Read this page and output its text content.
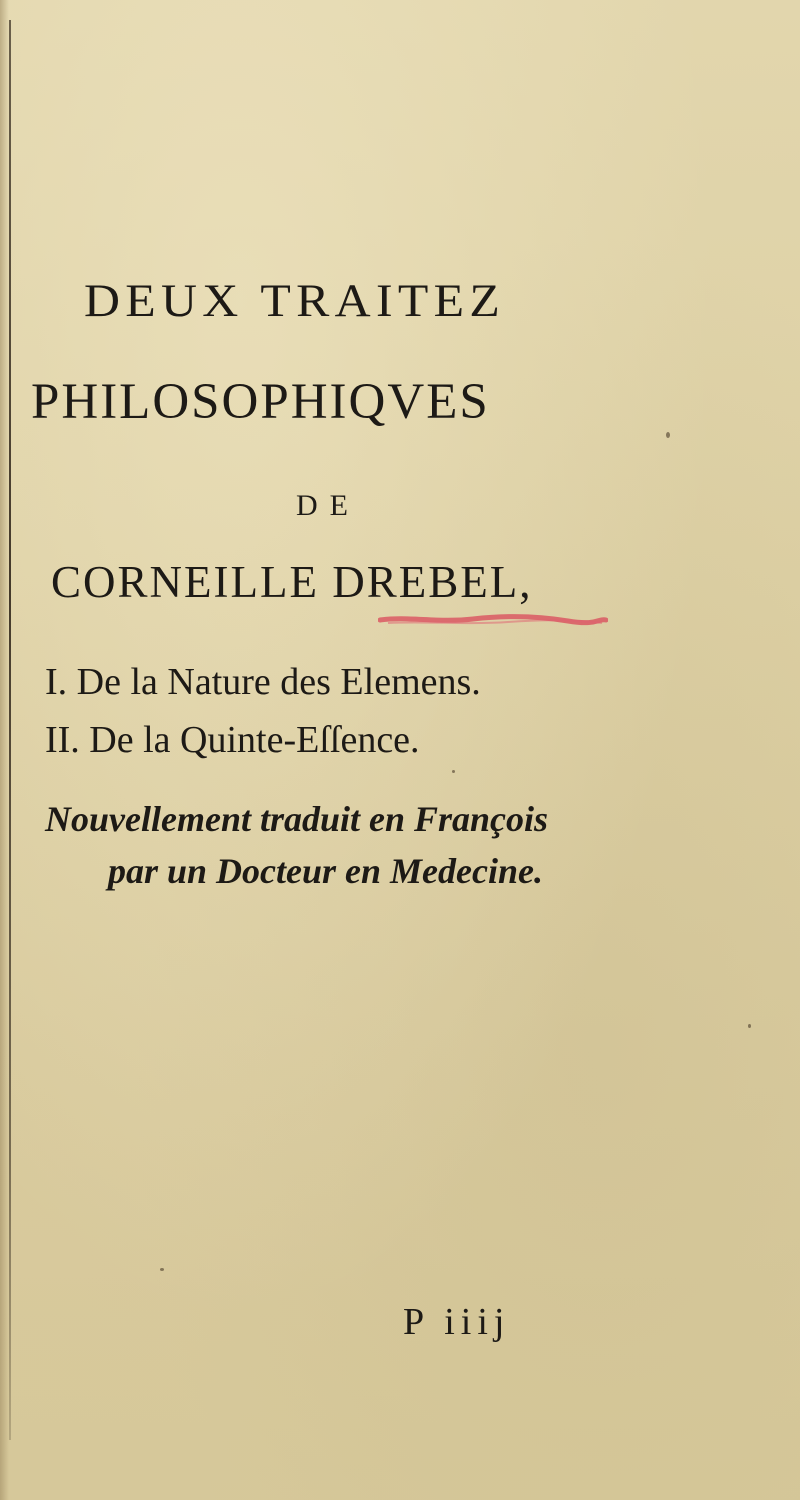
DEUX TRAITEZ
PHILOSOPHIQVES
DE
CORNEILLE DREBEL,
I. De la Nature des Elemens.
II. De la Quinte-Eſſence.
Nouvellement traduit en François
par un Docteur en Medecine.
P iiij
